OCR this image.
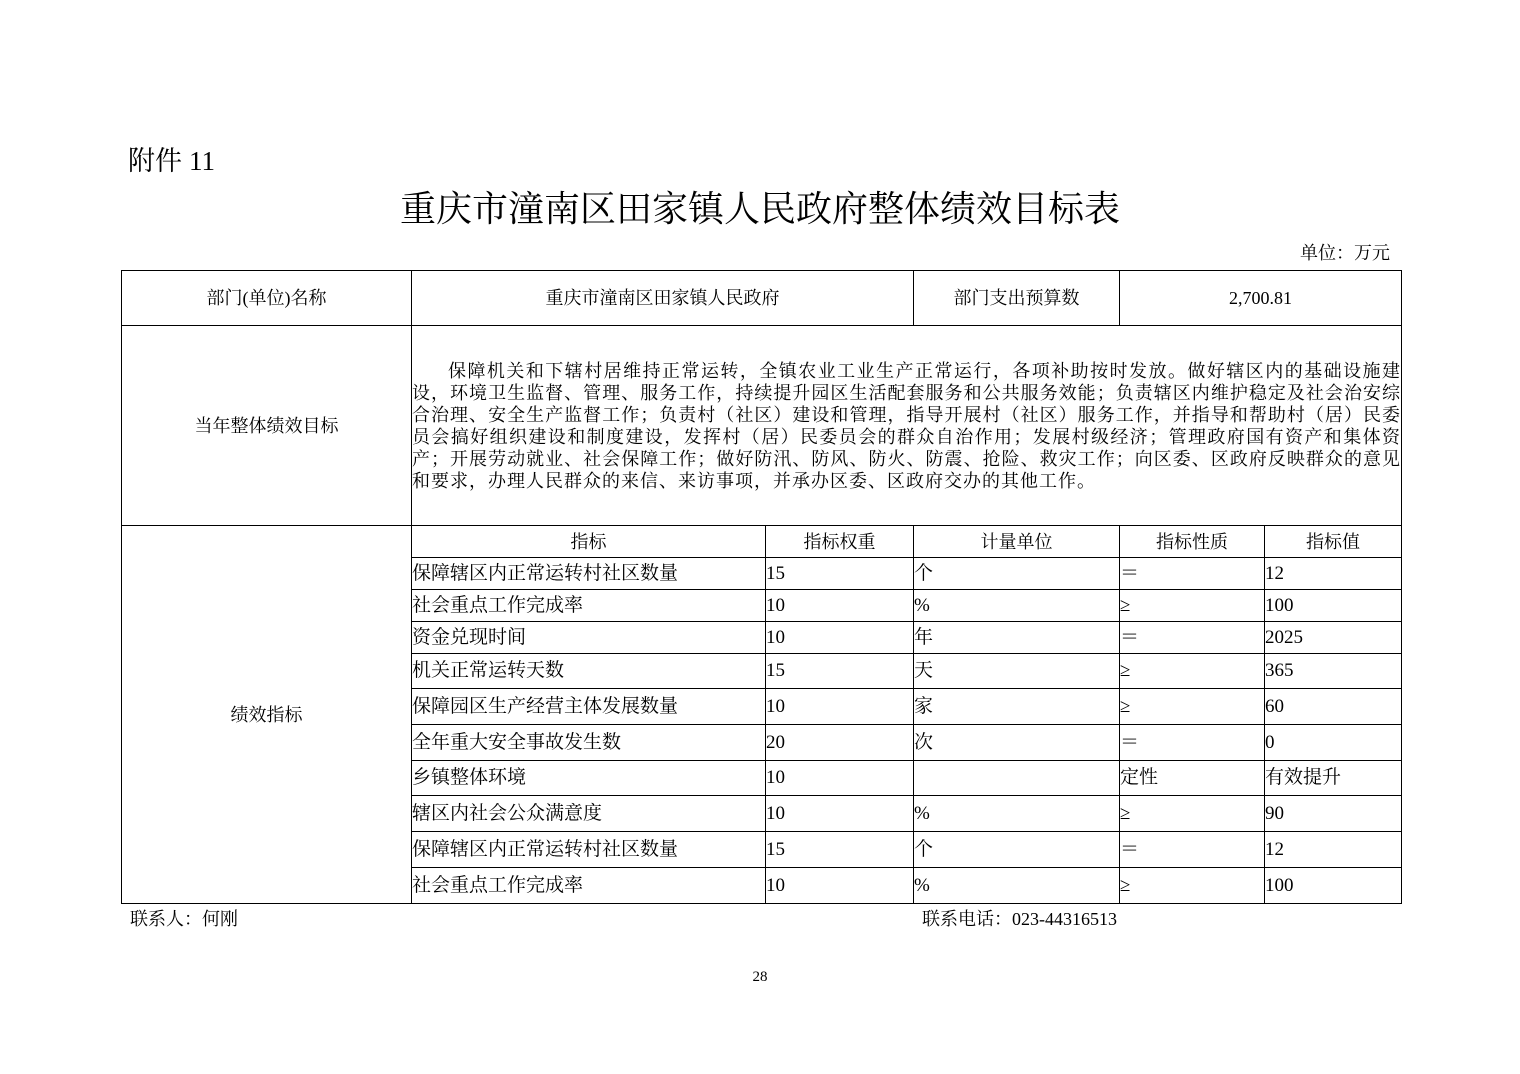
附件 11
重庆市潼南区田家镇人民政府整体绩效目标表
单位：万元
部门(单位)名称	重庆市潼南区田家镇人民政府		部门支出预算数	2,700.81	
当年整体绩效目标	保障机关和下辖村居维持正常运转，全镇农业工业生产正常运行，各项补助按时发放。做好辖区内的基础设施建设，环境卫生监督、管理、服务工作，持续提升园区生活配套服务和公共服务效能；负责辖区内维护稳定及社会治安综合治理、安全生产监督工作；负责村（社区）建设和管理，指导开展村（社区）服务工作，并指导和帮助村（居）民委员会搞好组织建设和制度建设，发挥村（居）民委员会的群众自治作用；发展村级经济；管理政府国有资产和集体资产；开展劳动就业、社会保障工作；做好防汛、防风、防火、防震、抢险、救灾工作；向区委、区政府反映群众的意见和要求，办理人民群众的来信、来访事项，并承办区委、区政府交办的其他工作。				
绩效指标	指标	指标权重	计量单位	指标性质	指标值
	保障辖区内正常运转村社区数量	15	个	＝	12
	社会重点工作完成率	10	%	≥	100
	资金兑现时间	10	年	＝	2025
	机关正常运转天数	15	天	≥	365
	保障园区生产经营主体发展数量	10	家	≥	60
	全年重大安全事故发生数	20	次	＝	0
	乡镇整体环境	10		定性	有效提升
	辖区内社会公众满意度	10	%	≥	90
	保障辖区内正常运转村社区数量	15	个	＝	12
	社会重点工作完成率	10	%	≥	100
联系人：何刚	联系电话：023-44316513
28
